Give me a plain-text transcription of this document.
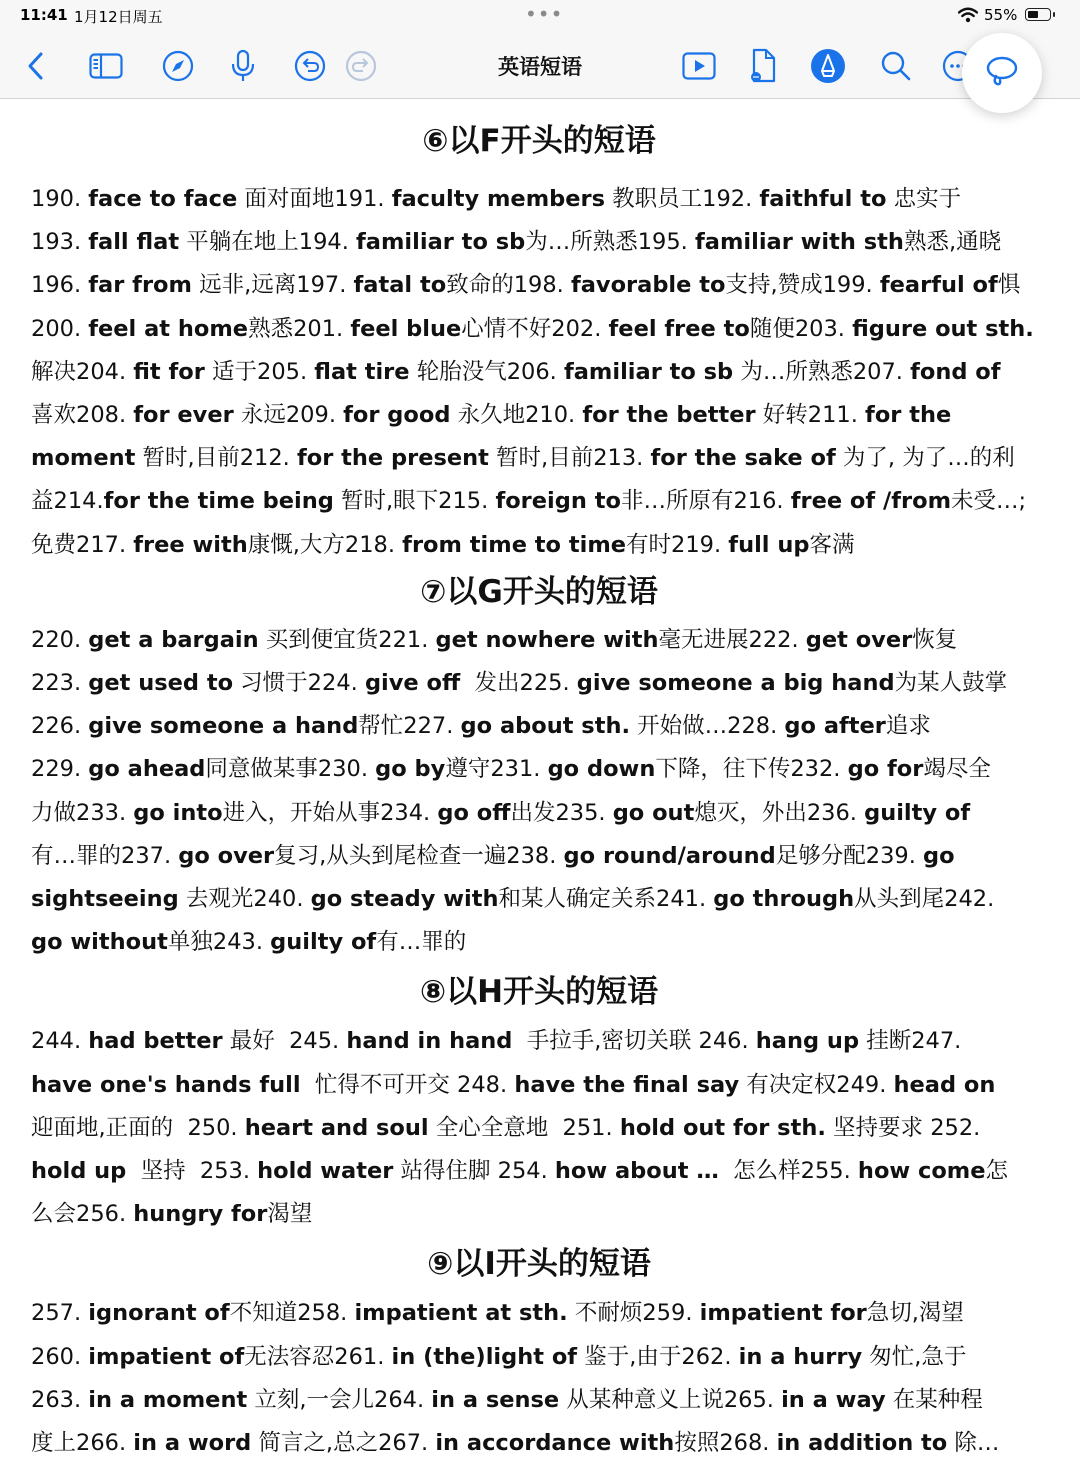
11:41 1月12日周五	•••	55%
英语短语
⑥以F开头的短语
190. face to face 面对面地191. faculty members 教职员工192. faithful to 忠实于
193. fall flat 平躺在地上194. familiar to sb为…所熟悉195. familiar with sth熟悉,通晓
196. far from 远非,远离197. fatal to致命的198. favorable to支持,赞成199. fearful of惧
200. feel at home熟悉201. feel blue心情不好202. feel free to随便203. figure out sth.
解决204. fit for 适于205. flat tire 轮胎没气206. familiar to sb 为…所熟悉207. fond of
喜欢208. for ever 永远209. for good 永久地210. for the better 好转211. for the
moment 暂时,目前212. for the present 暂时,目前213. for the sake of 为了, 为了…的利
益214.for the time being 暂时,眼下215. foreign to非…所原有216. free of /from未受…;
免费217. free with康慨,大方218. from time to time有时219. full up客满
⑦以G开头的短语
220. get a bargain 买到便宜货221. get nowhere with毫无进展222. get over恢复
223. get used to 习惯于224. give off  发出225. give someone a big hand为某人鼓掌
226. give someone a hand帮忙227. go about sth. 开始做…228. go after追求
229. go ahead同意做某事230. go by遵守231. go down下降，往下传232. go for竭尽全
力做233. go into进入，开始从事234. go off出发235. go out熄灭，外出236. guilty of
有…罪的237. go over复习,从头到尾检查一遍238. go round/around足够分配239. go
sightseeing 去观光240. go steady with和某人确定关系241. go through从头到尾242.
go without单独243. guilty of有…罪的
⑧以H开头的短语
244. had better 最好  245. hand in hand  手拉手,密切关联 246. hang up 挂断247.
have one's hands full  忙得不可开交 248. have the final say 有决定权249. head on
迎面地,正面的  250. heart and soul 全心全意地  251. hold out for sth. 坚持要求 252.
hold up  坚持  253. hold water 站得住脚 254. how about …  怎么样255. how come怎
么会256. hungry for渴望
⑨以I开头的短语
257. ignorant of不知道258. impatient at sth. 不耐烦259. impatient for急切,渴望
260. impatient of无法容忍261. in (the)light of 鉴于,由于262. in a hurry 匆忙,急于
263. in a moment 立刻,一会儿264. in a sense 从某种意义上说265. in a way 在某种程
度上266. in a word 简言之,总之267. in accordance with按照268. in addition to 除…
